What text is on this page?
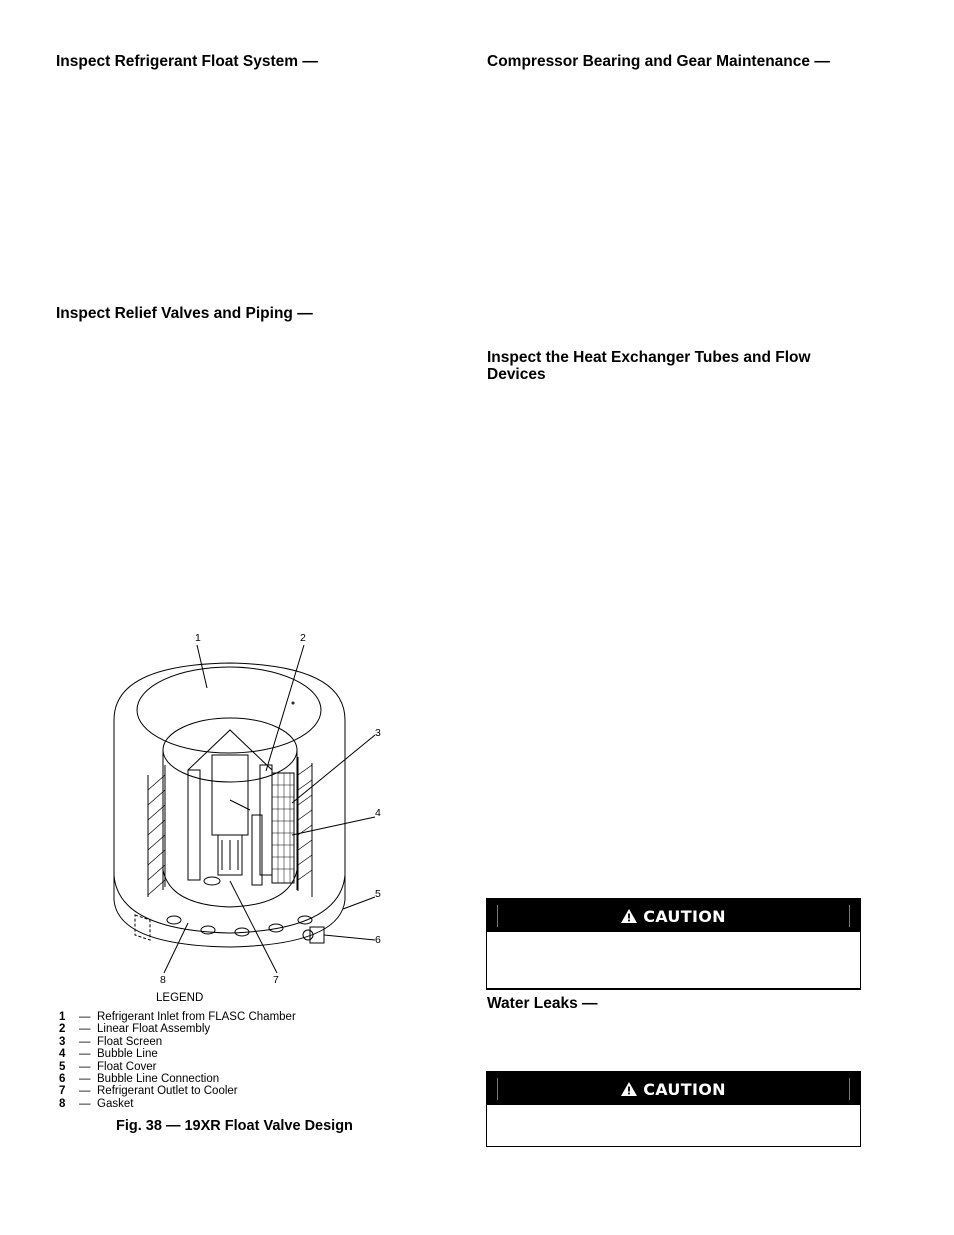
Inspect Refrigerant Float System —
Inspect Relief Valves and Piping —
Compressor Bearing and Gear Maintenance —
Inspect the Heat Exchanger Tubes and Flow
Devices
1	2
3
4
5
6
7
8
LEGEND
1	— Refrigerant Inlet from FLASC Chamber
2	— Linear Float Assembly
3	— Float Screen
4	— Bubble Line
5	— Float Cover
6	— Bubble Line Connection
7	— Refrigerant Outlet to Cooler
8	— Gasket
Fig. 38 — 19XR Float Valve Design
CAUTION
Water Leaks —
CAUTION
